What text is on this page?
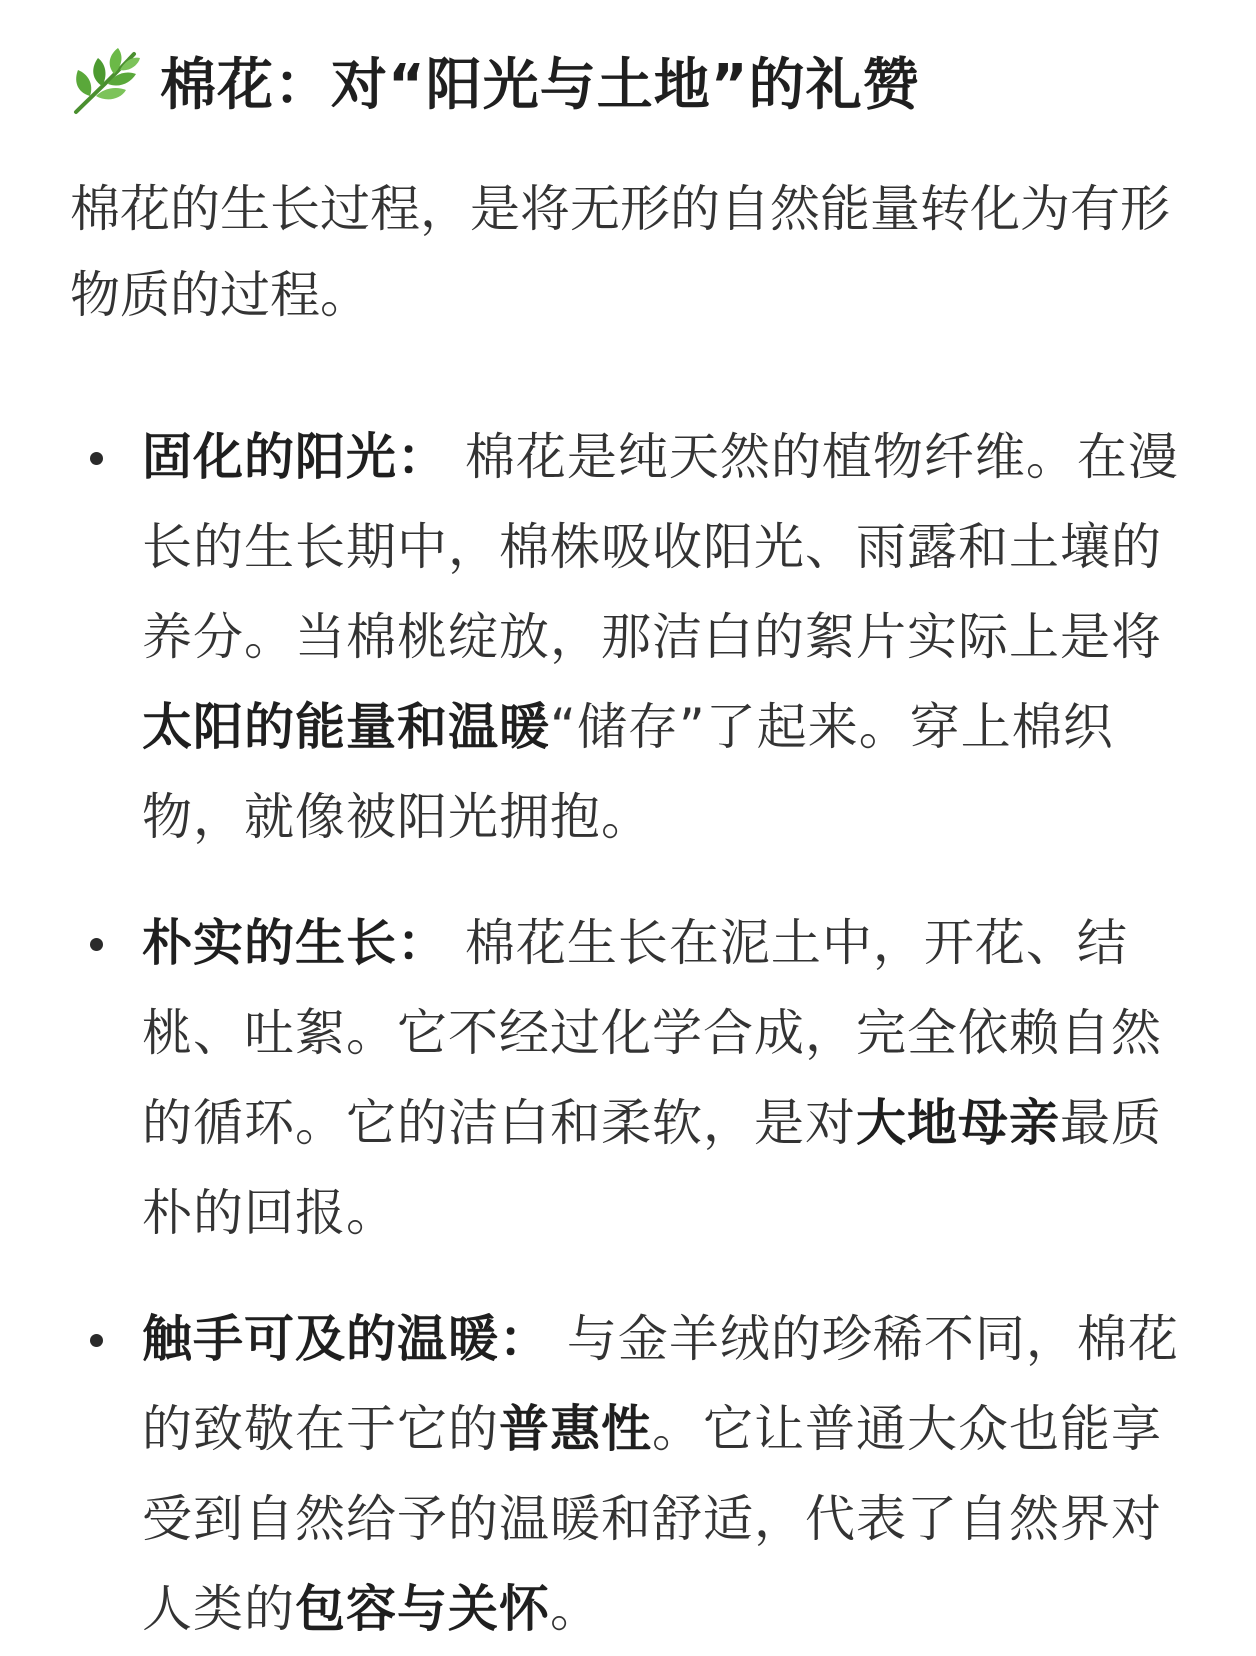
棉花：对“阳光与土地”的礼赞

棉花的生长过程，是将无形的自然能量转化为有形物质的过程。

固化的阳光： 棉花是纯天然的植物纤维。在漫长的生长期中，棉株吸收阳光、雨露和土壤的养分。当棉桃绽放，那洁白的絮片实际上是将太阳的能量和温暖“储存”了起来。穿上棉织物，就像被阳光拥抱。
朴实的生长： 棉花生长在泥土中，开花、结桃、吐絮。它不经过化学合成，完全依赖自然的循环。它的洁白和柔软，是对大地母亲最质朴的回报。
触手可及的温暖： 与金羊绒的珍稀不同，棉花的致敬在于它的普惠性。它让普通大众也能享受到自然给予的温暖和舒适，代表了自然界对人类的包容与关怀。
